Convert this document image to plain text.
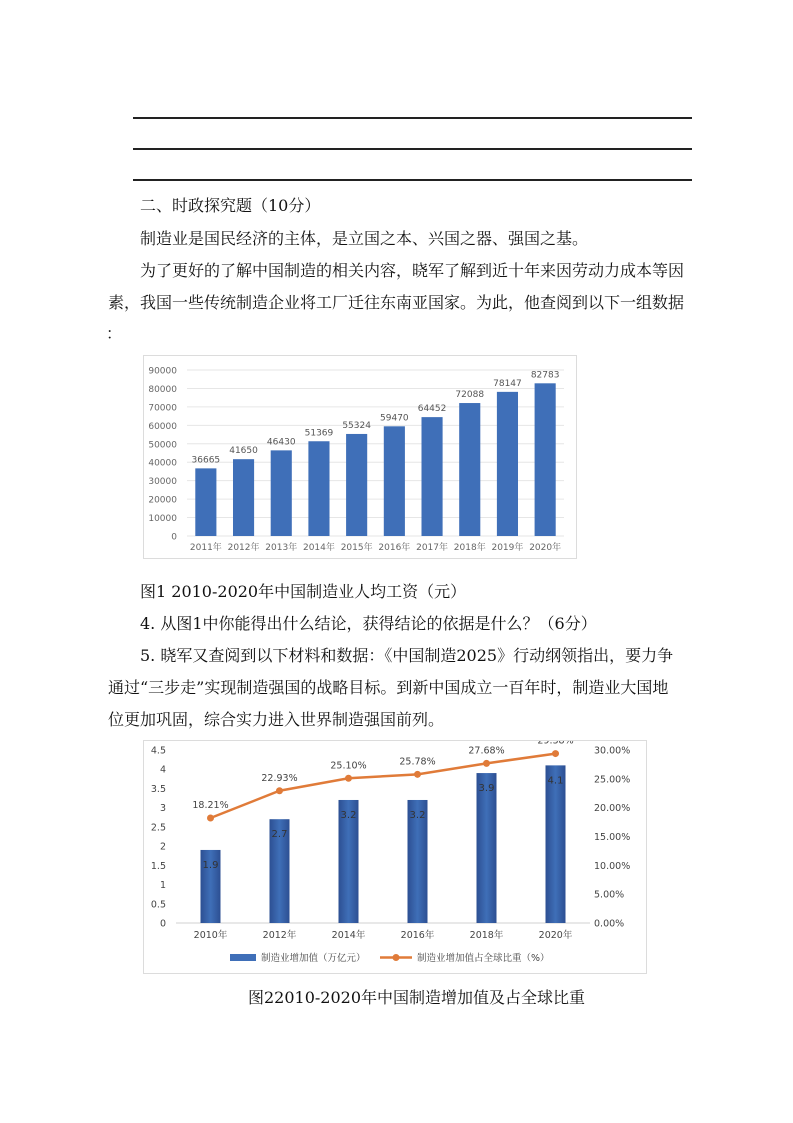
二、时政探究题（10分）
制造业是国民经济的主体，是立国之本、兴国之器、强国之基。
为了更好的了解中国制造的相关内容，晓军了解到近十年来因劳动力成本等因
素，我国一些传统制造企业将工厂迁往东南亚国家。为此，他查阅到以下一组数据
：
0
10000
20000
30000
40000
50000
60000
70000
80000
90000
36665
2011年
41650
2012年
46430
2013年
51369
2014年
55324
2015年
59470
2016年
64452
2017年
72088
2018年
78147
2019年
82783
2020年
图1 2010-2020年中国制造业人均工资（元）
4. 从图1中你能得出什么结论，获得结论的依据是什么？（6分）
5. 晓军又查阅到以下材料和数据：《中国制造2025》行动纲领指出，要力争
通过“三步走”实现制造强国的战略目标。到新中国成立一百年时，制造业大国地
位更加巩固，综合实力进入世界制造强国前列。
0
0.5
1
1.5
2
2.5
3
3.5
4
4.5
0.00%
5.00%
10.00%
15.00%
20.00%
25.00%
30.00%
1.9
2010年
2.7
2012年
3.2
2014年
3.2
2016年
3.9
2018年
4.1
2020年
18.21%
22.93%
25.10%	25.78%
27.68%
29.38%
制造业增加值（万亿元）	制造业增加值占全球比重（%）
图22010-2020年中国制造增加值及占全球比重
